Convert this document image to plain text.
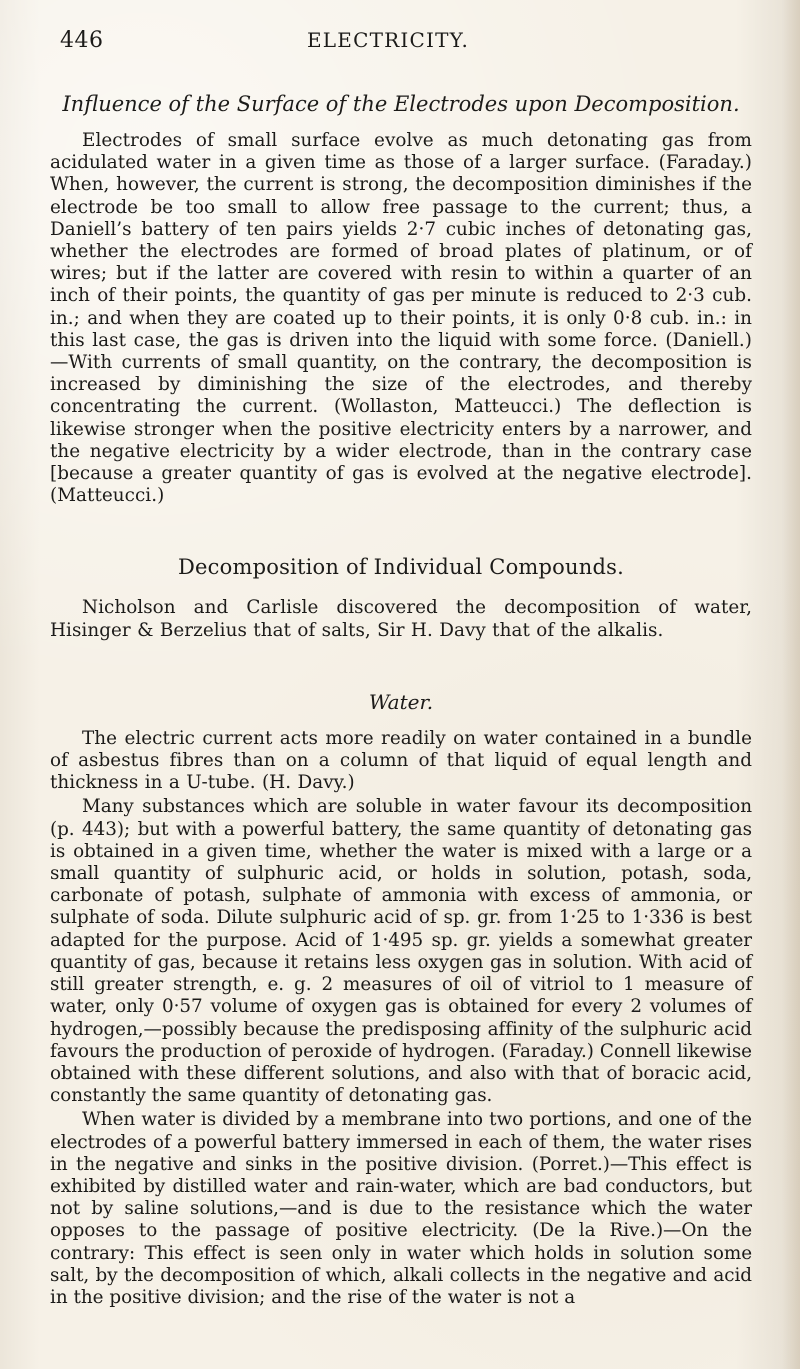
446	ELECTRICITY.
Influence of the Surface of the Electrodes upon Decomposition.

Electrodes of small surface evolve as much detonating gas from acidulated water in a given time as those of a larger surface. (Faraday.) When, however, the current is strong, the decomposition diminishes if the electrode be too small to allow free passage to the current; thus, a Daniell’s battery of ten pairs yields 2·7 cubic inches of detonating gas, whether the electrodes are formed of broad plates of platinum, or of wires; but if the latter are covered with resin to within a quarter of an inch of their points, the quantity of gas per minute is reduced to 2·3 cub. in.; and when they are coated up to their points, it is only 0·8 cub. in.: in this last case, the gas is driven into the liquid with some force. (Daniell.) —With currents of small quantity, on the contrary, the decomposition is increased by diminishing the size of the electrodes, and thereby concentrating the current. (Wollaston, Matteucci.) The deflection is likewise stronger when the positive electricity enters by a narrower, and the negative electricity by a wider electrode, than in the contrary case [because a greater quantity of gas is evolved at the negative electrode]. (Matteucci.)

Decomposition of Individual Compounds.

Nicholson and Carlisle discovered the decomposition of water, Hisinger & Berzelius that of salts, Sir H. Davy that of the alkalis.

Water.

The electric current acts more readily on water contained in a bundle of asbestus fibres than on a column of that liquid of equal length and thickness in a U-tube. (H. Davy.)

Many substances which are soluble in water favour its decomposition (p. 443); but with a powerful battery, the same quantity of detonating gas is obtained in a given time, whether the water is mixed with a large or a small quantity of sulphuric acid, or holds in solution, potash, soda, carbonate of potash, sulphate of ammonia with excess of ammonia, or sulphate of soda. Dilute sulphuric acid of sp. gr. from 1·25 to 1·336 is best adapted for the purpose. Acid of 1·495 sp. gr. yields a somewhat greater quantity of gas, because it retains less oxygen gas in solution. With acid of still greater strength, e. g. 2 measures of oil of vitriol to 1 measure of water, only 0·57 volume of oxygen gas is obtained for every 2 volumes of hydrogen,—possibly because the predisposing affinity of the sulphuric acid favours the production of peroxide of hydrogen. (Faraday.) Connell likewise obtained with these different solutions, and also with that of boracic acid, constantly the same quantity of detonating gas.

When water is divided by a membrane into two portions, and one of the electrodes of a powerful battery immersed in each of them, the water rises in the negative and sinks in the positive division. (Porret.)—This effect is exhibited by distilled water and rain-water, which are bad conductors, but not by saline solutions,—and is due to the resistance which the water opposes to the passage of positive electricity. (De la Rive.)—On the contrary: This effect is seen only in water which holds in solution some salt, by the decomposition of which, alkali collects in the negative and acid in the positive division; and the rise of the water is not a
